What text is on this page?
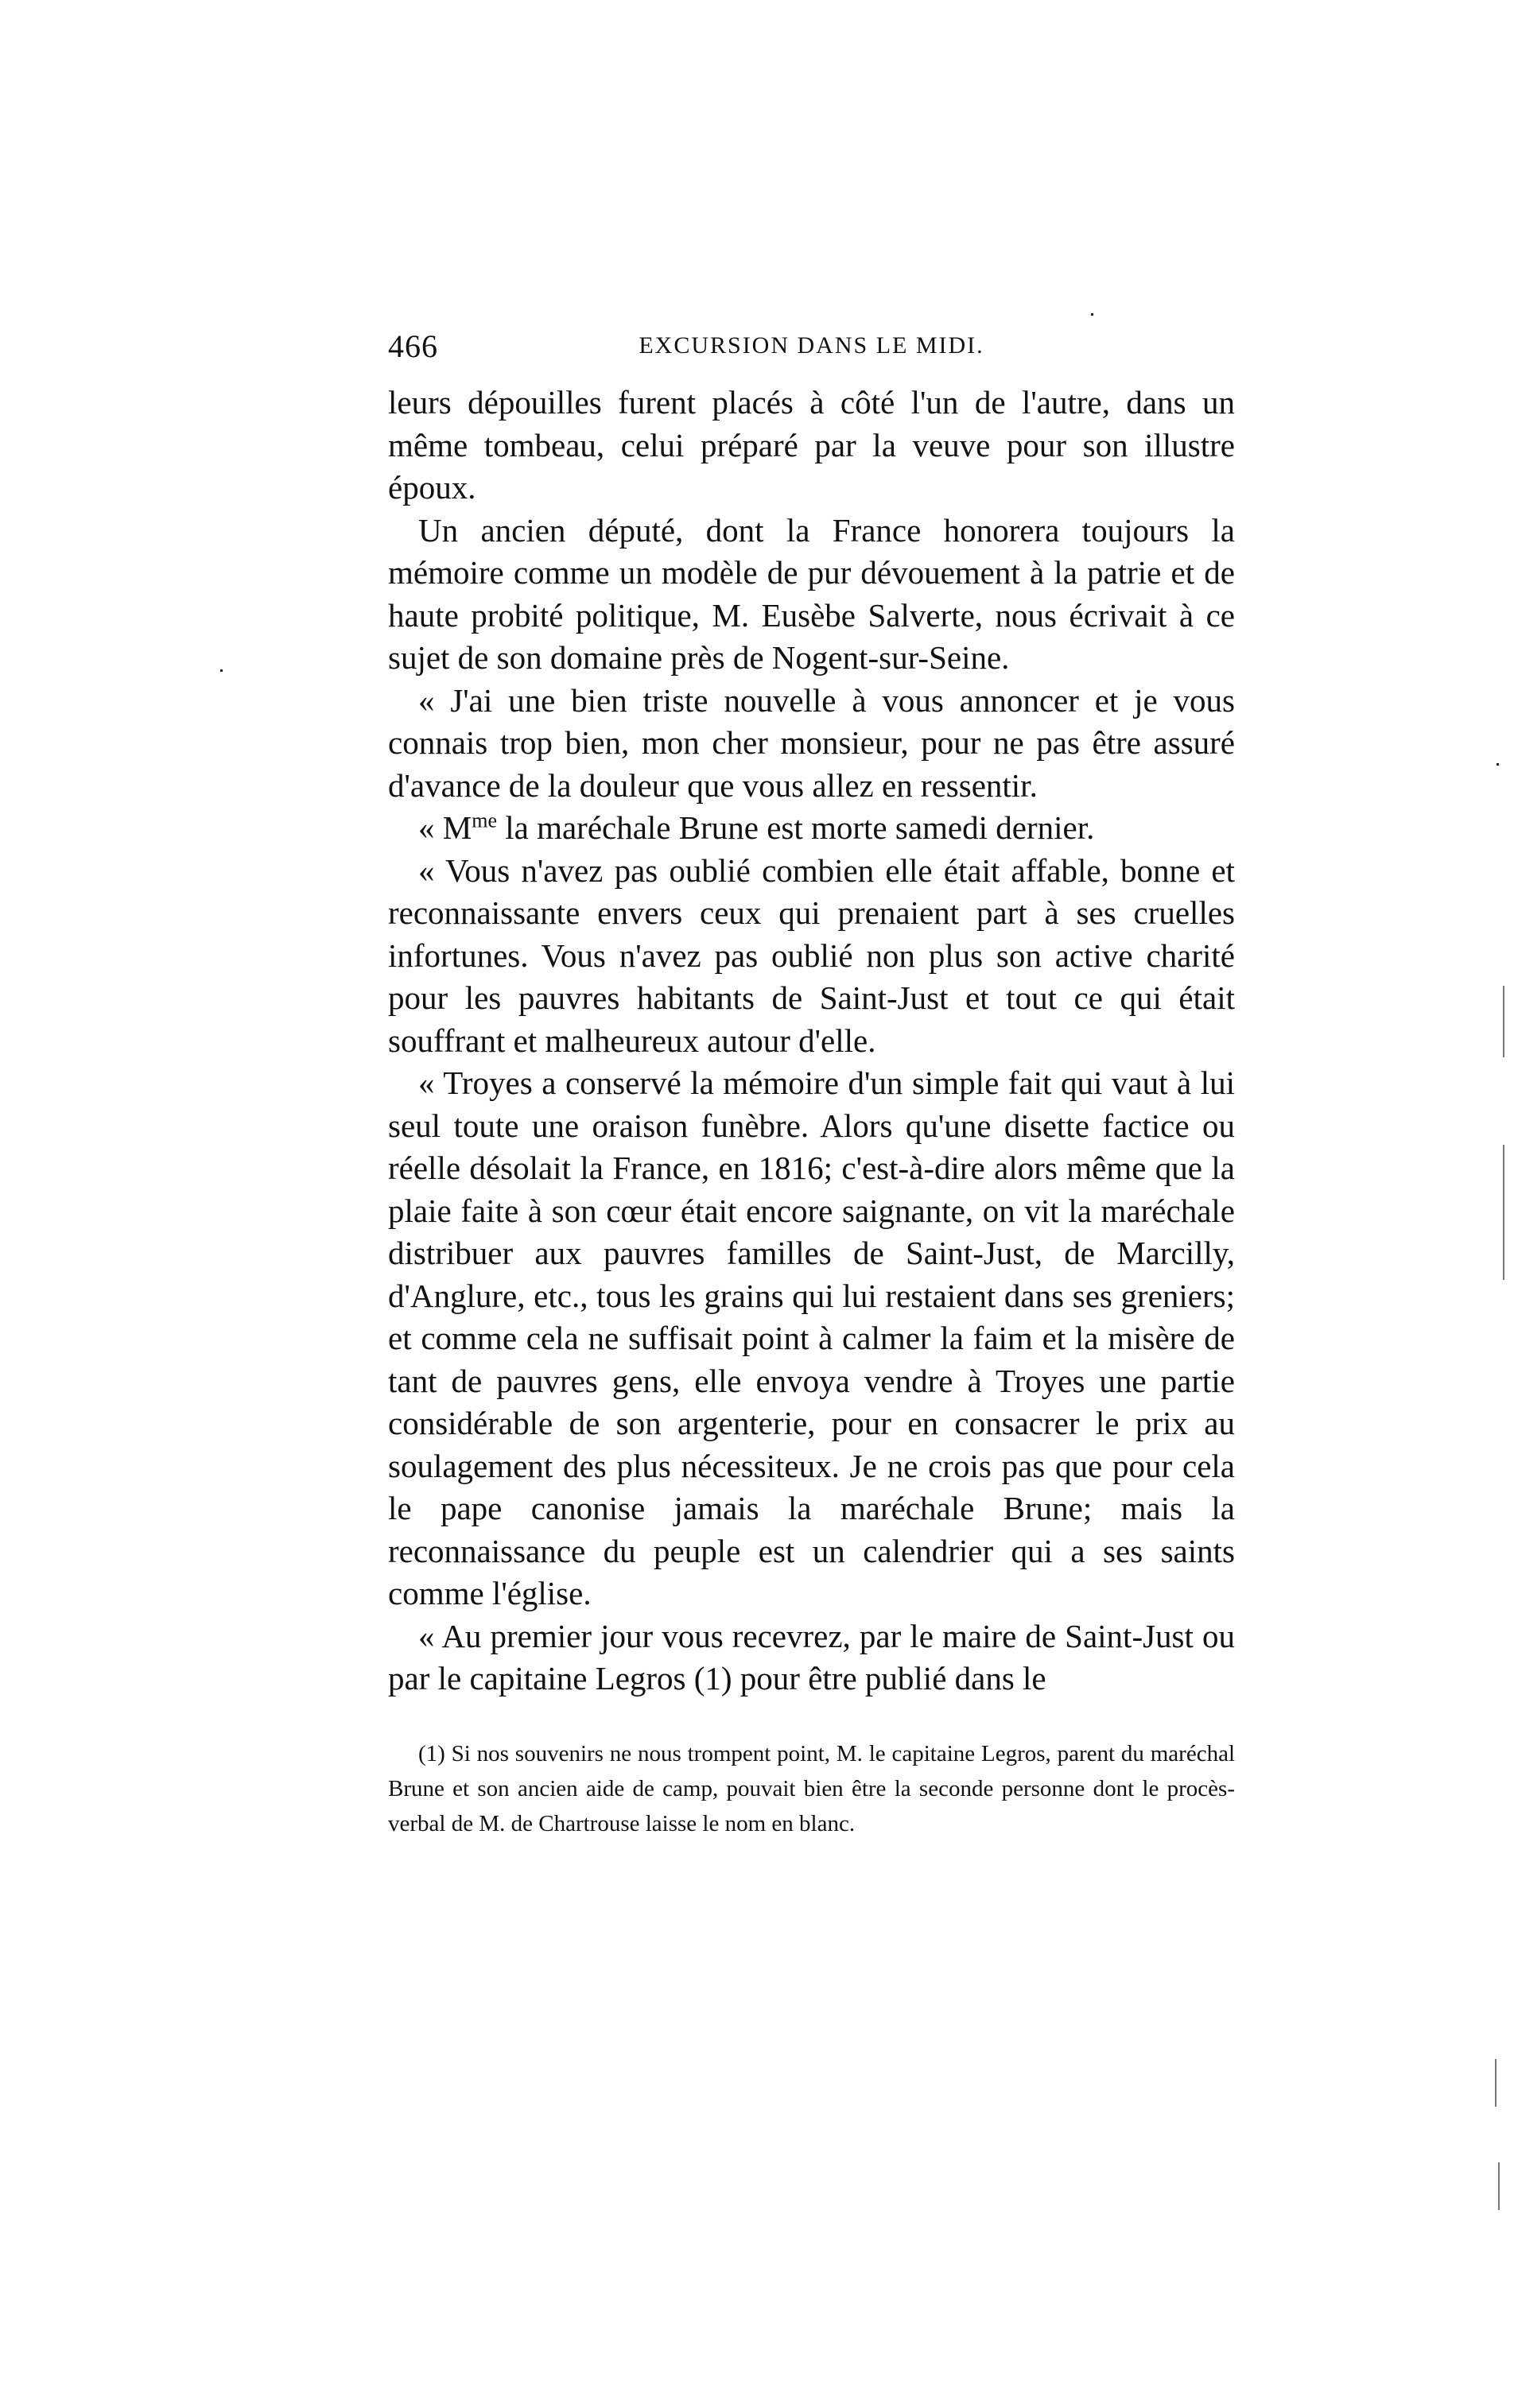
466	EXCURSION DANS LE MIDI.

leurs dépouilles furent placés à côté l'un de l'autre, dans un même tombeau, celui préparé par la veuve pour son illustre époux.

Un ancien député, dont la France honorera toujours la mémoire comme un modèle de pur dévouement à la patrie et de haute probité politique, M. Eusèbe Salverte, nous écrivait à ce sujet de son domaine près de Nogent-sur-Seine.

« J'ai une bien triste nouvelle à vous annoncer et je vous connais trop bien, mon cher monsieur, pour ne pas être assuré d'avance de la douleur que vous allez en ressentir.

« $M^{me}$ la maréchale Brune est morte samedi dernier.

« Vous n'avez pas oublié combien elle était affable, bonne et reconnaissante envers ceux qui prenaient part à ses cruelles infortunes. Vous n'avez pas oublié non plus son active charité pour les pauvres habitants de Saint-Just et tout ce qui était souffrant et malheureux autour d'elle.

« Troyes a conservé la mémoire d'un simple fait qui vaut à lui seul toute une oraison funèbre. Alors qu'une disette factice ou réelle désolait la France, en 1816; c'est-à-dire alors même que la plaie faite à son cœur était encore saignante, on vit la maréchale distribuer aux pauvres familles de Saint-Just, de Marcilly, d'Anglure, etc., tous les grains qui lui restaient dans ses greniers; et comme cela ne suffisait point à calmer la faim et la misère de tant de pauvres gens, elle envoya vendre à Troyes une partie considérable de son argenterie, pour en consacrer le prix au soulagement des plus nécessiteux. Je ne crois pas que pour cela le pape canonise jamais la maréchale Brune; mais la reconnaissance du peuple est un calendrier qui a ses saints comme l'église.

« Au premier jour vous recevrez, par le maire de Saint-Just ou par le capitaine Legros (1) pour être publié dans le

(1) Si nos souvenirs ne nous trompent point, M. le capitaine Legros, parent du maréchal Brune et son ancien aide de camp, pouvait bien être la seconde personne dont le procès-verbal de M. de Chartrouse laisse le nom en blanc.
